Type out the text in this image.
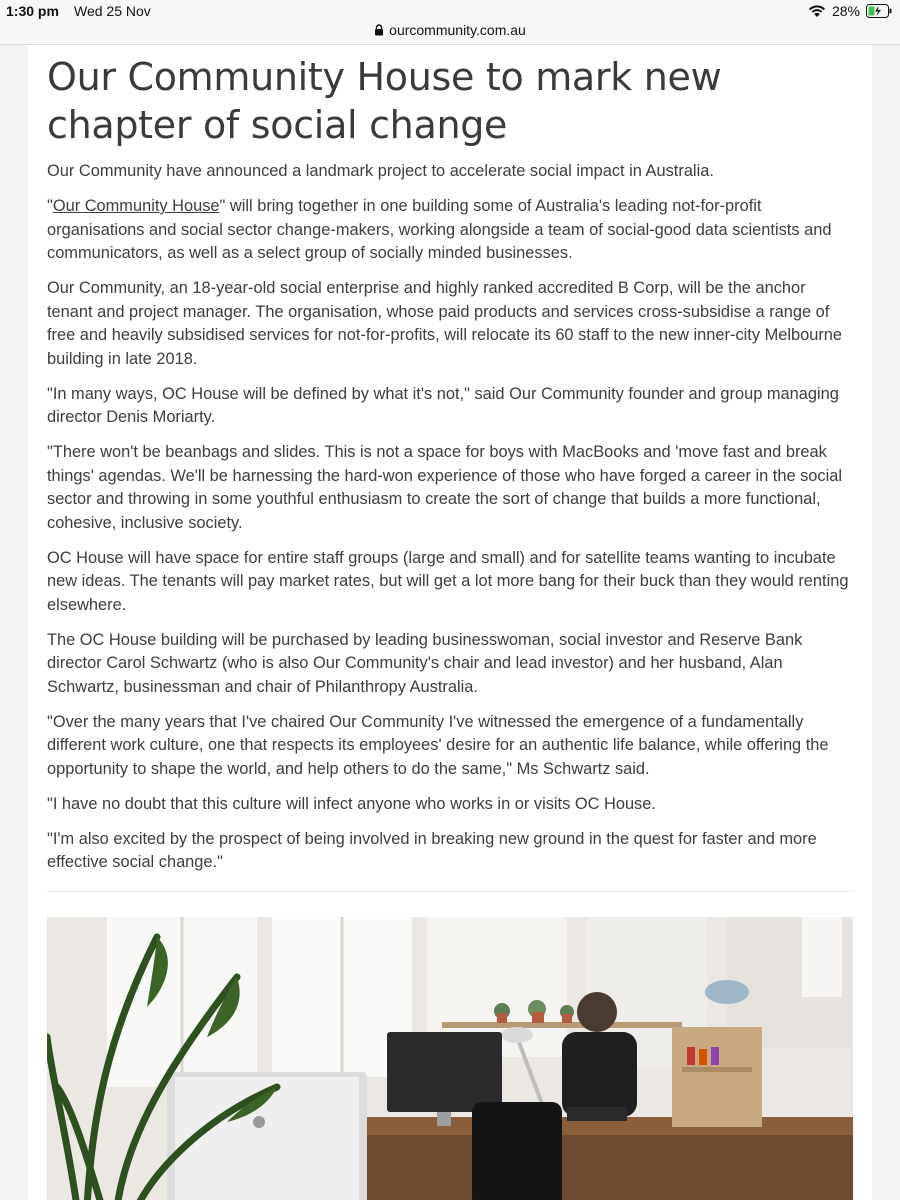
1:30 pm Wed 25 Nov	28%
ourcommunity.com.au
Our Community House to mark new chapter of social change

Our Community have announced a landmark project to accelerate social impact in Australia.

"Our Community House" will bring together in one building some of Australia's leading not-for-profit organisations and social sector change-makers, working alongside a team of social-good data scientists and communicators, as well as a select group of socially minded businesses.

Our Community, an 18-year-old social enterprise and highly ranked accredited B Corp, will be the anchor tenant and project manager. The organisation, whose paid products and services cross-subsidise a range of free and heavily subsidised services for not-for-profits, will relocate its 60 staff to the new inner-city Melbourne building in late 2018.

"In many ways, OC House will be defined by what it's not," said Our Community founder and group managing director Denis Moriarty.

"There won't be beanbags and slides. This is not a space for boys with MacBooks and 'move fast and break things' agendas. We'll be harnessing the hard-won experience of those who have forged a career in the social sector and throwing in some youthful enthusiasm to create the sort of change that builds a more functional, cohesive, inclusive society.

OC House will have space for entire staff groups (large and small) and for satellite teams wanting to incubate new ideas. The tenants will pay market rates, but will get a lot more bang for their buck than they would renting elsewhere.

The OC House building will be purchased by leading businesswoman, social investor and Reserve Bank director Carol Schwartz (who is also Our Community's chair and lead investor) and her husband, Alan Schwartz, businessman and chair of Philanthropy Australia.

"Over the many years that I've chaired Our Community I've witnessed the emergence of a fundamentally different work culture, one that respects its employees' desire for an authentic life balance, while offering the opportunity to shape the world, and help others to do the same," Ms Schwartz said.

"I have no doubt that this culture will infect anyone who works in or visits OC House.

"I'm also excited by the prospect of being involved in breaking new ground in the quest for faster and more effective social change."
